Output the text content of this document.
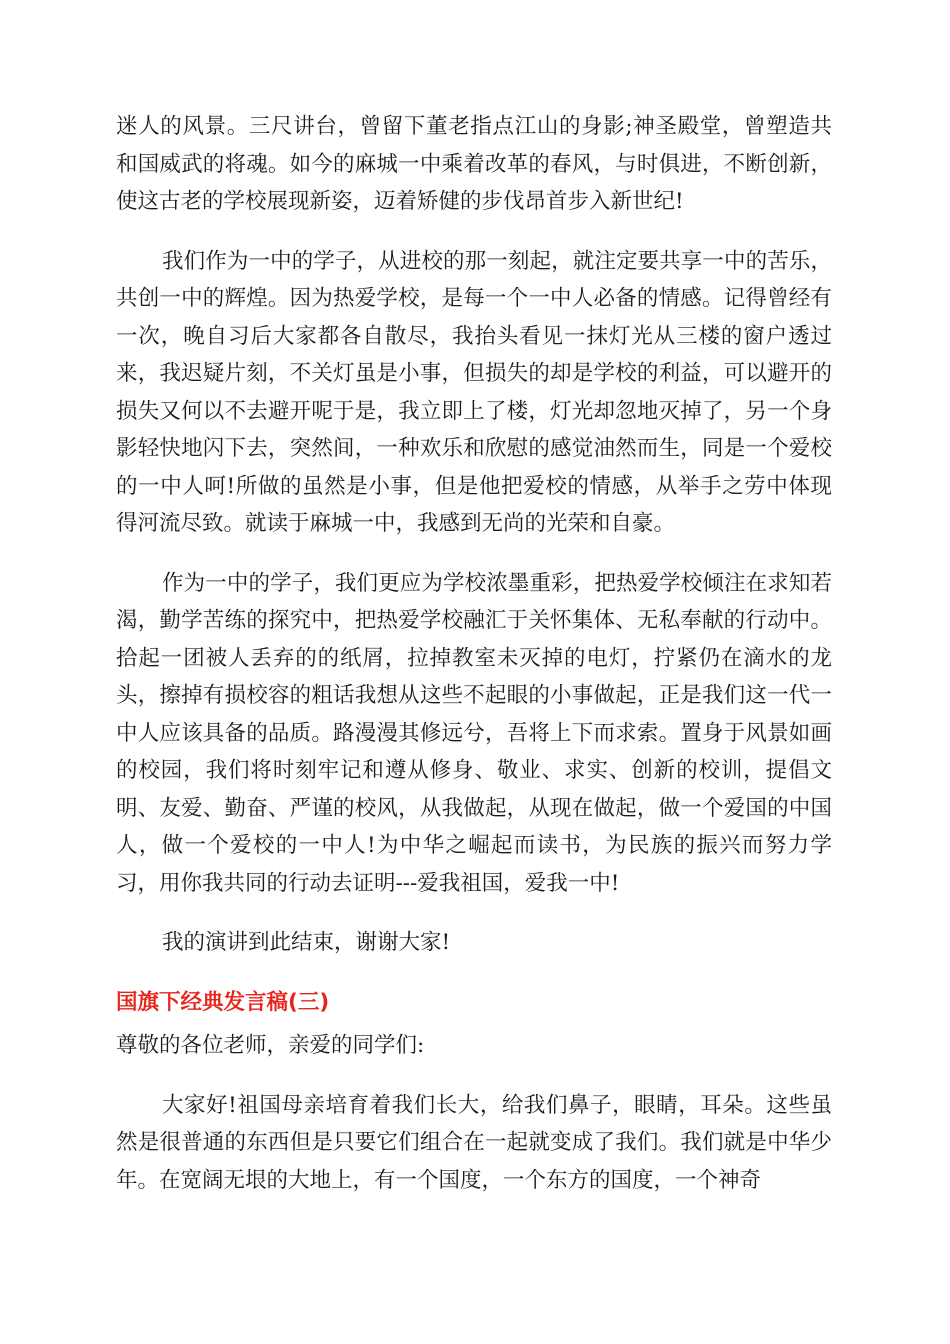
迷人的风景。三尺讲台，曾留下董老指点江山的身影;神圣殿堂，曾塑造共和国威武的将魂。如今的麻城一中乘着改革的春风，与时俱进，不断创新，使这古老的学校展现新姿，迈着矫健的步伐昂首步入新世纪!

我们作为一中的学子，从进校的那一刻起，就注定要共享一中的苦乐，共创一中的辉煌。因为热爱学校，是每一个一中人必备的情感。记得曾经有一次，晚自习后大家都各自散尽，我抬头看见一抹灯光从三楼的窗户透过来，我迟疑片刻，不关灯虽是小事，但损失的却是学校的利益，可以避开的损失又何以不去避开呢于是，我立即上了楼，灯光却忽地灭掉了，另一个身影轻快地闪下去，突然间，一种欢乐和欣慰的感觉油然而生，同是一个爱校的一中人呵!所做的虽然是小事，但是他把爱校的情感，从举手之劳中体现得河流尽致。就读于麻城一中，我感到无尚的光荣和自豪。

作为一中的学子，我们更应为学校浓墨重彩，把热爱学校倾注在求知若渴，勤学苦练的探究中，把热爱学校融汇于关怀集体、无私奉献的行动中。拾起一团被人丢弃的的纸屑，拉掉教室未灭掉的电灯，拧紧仍在滴水的龙头，擦掉有损校容的粗话我想从这些不起眼的小事做起，正是我们这一代一中人应该具备的品质。路漫漫其修远兮，吾将上下而求索。置身于风景如画的校园，我们将时刻牢记和遵从修身、敬业、求实、创新的校训，提倡文明、友爱、勤奋、严谨的校风，从我做起，从现在做起，做一个爱国的中国人，做一个爱校的一中人!为中华之崛起而读书，为民族的振兴而努力学习，用你我共同的行动去证明---爱我祖国，爱我一中!

我的演讲到此结束，谢谢大家!

国旗下经典发言稿(三)

尊敬的各位老师，亲爱的同学们:

大家好!祖国母亲培育着我们长大，给我们鼻子，眼睛，耳朵。这些虽然是很普通的东西但是只要它们组合在一起就变成了我们。我们就是中华少年。在宽阔无垠的大地上，有一个国度，一个东方的国度，一个神奇
